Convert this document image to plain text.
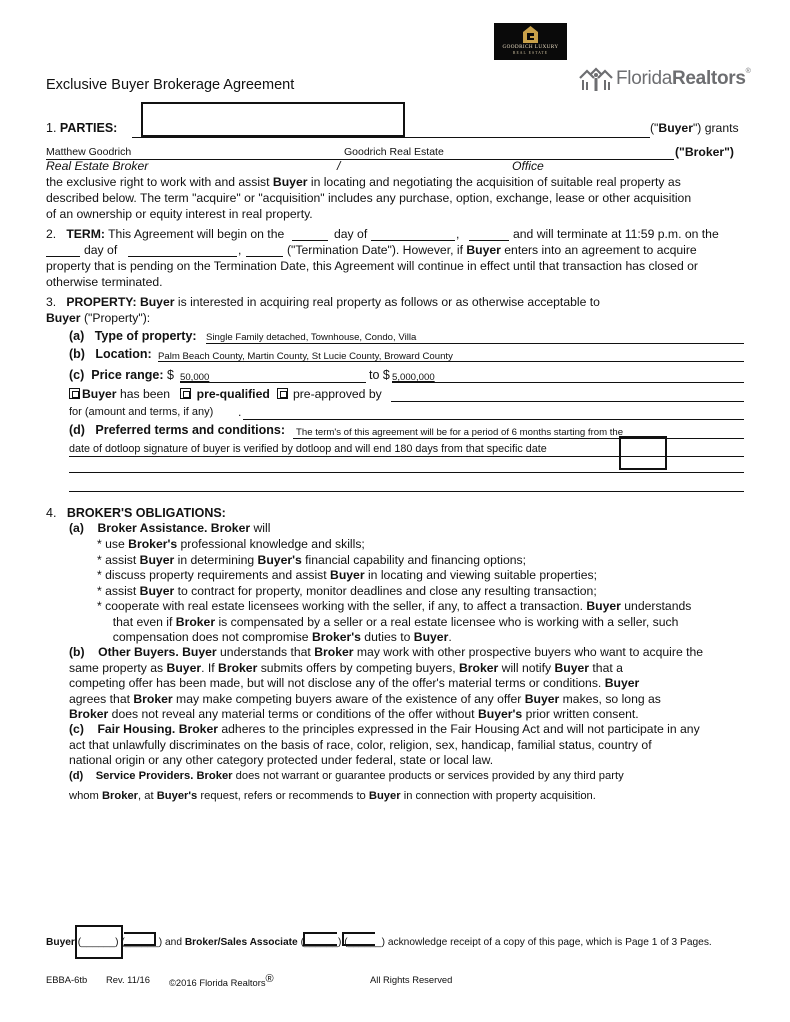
GOODRICH LUXURY
REAL ESTATE
FloridaRealtors®
Exclusive Buyer Brokerage Agreement
1. PARTIES:	("Buyer") grants
Matthew Goodrich	Goodrich Real Estate	("Broker")
Real Estate Broker	/	Office
the exclusive right to work with and assist Buyer in locating and negotiating the acquisition of suitable real property as
described below. The term "acquire" or "acquisition" includes any purchase, option, exchange, lease or other acquisition
of an ownership or equity interest in real property.
2. TERM: This Agreement will begin on the	day of	,	and will terminate at 11:59 p.m. on the
day of	,	("Termination Date"). However, if Buyer enters into an agreement to acquire
property that is pending on the Termination Date, this Agreement will continue in effect until that transaction has closed or
otherwise terminated.
3. PROPERTY: Buyer is interested in acquiring real property as follows or as otherwise acceptable to
Buyer ("Property"):
(a) Type of property: Single Family detached, Townhouse, Condo, Villa
(b) Location: Palm Beach County, Martin County, St Lucie County, Broward County
(c) Price range: $ 50,000	to $ 5,000,000
Buyer has been pre-qualified pre-approved by
for (amount and terms, if any) .
(d) Preferred terms and conditions: The term's of this agreement will be for a period of 6 months starting from the
date of dotloop signature of buyer is verified by dotloop and will end 180 days from that specific date
4. BROKER'S OBLIGATIONS:
(a) Broker Assistance. Broker will
* use Broker's professional knowledge and skills;
* assist Buyer in determining Buyer's financial capability and financing options;
* discuss property requirements and assist Buyer in locating and viewing suitable properties;
* assist Buyer to contract for property, monitor deadlines and close any resulting transaction;
* cooperate with real estate licensees working with the seller, if any, to affect a transaction. Buyer understands
that even if Broker is compensated by a seller or a real estate licensee who is working with a seller, such
compensation does not compromise Broker's duties to Buyer.
(b)    Other Buyers. Buyer understands that Broker may work with other prospective buyers who want to acquire the
same property as Buyer. If Broker submits offers by competing buyers, Broker will notify Buyer that a
competing offer has been made, but will not disclose any of the offer's material terms or conditions. Buyer
agrees that Broker may make competing buyers aware of the existence of any offer Buyer makes, so long as
Broker does not reveal any material terms or conditions of the offer without Buyer's prior written consent.
(c)    Fair Housing. Broker adheres to the principles expressed in the Fair Housing Act and will not participate in any
act that unlawfully discriminates on the basis of race, color, religion, sex, handicap, familial status, country of
national origin or any other category protected under federal, state or local law.
(d)    Service Providers. Broker does not warrant or guarantee products or services provided by any third party
whom Broker, at Buyer's request, refers or recommends to Buyer in connection with property acquisition.
Buyer (______) (______) and Broker/Sales Associate (______) (______) acknowledge receipt of a copy of this page, which is Page 1 of 3 Pages.
EBBA-6tb Rev. 11/16 ©2016 Florida Realtors®	All Rights Reserved
